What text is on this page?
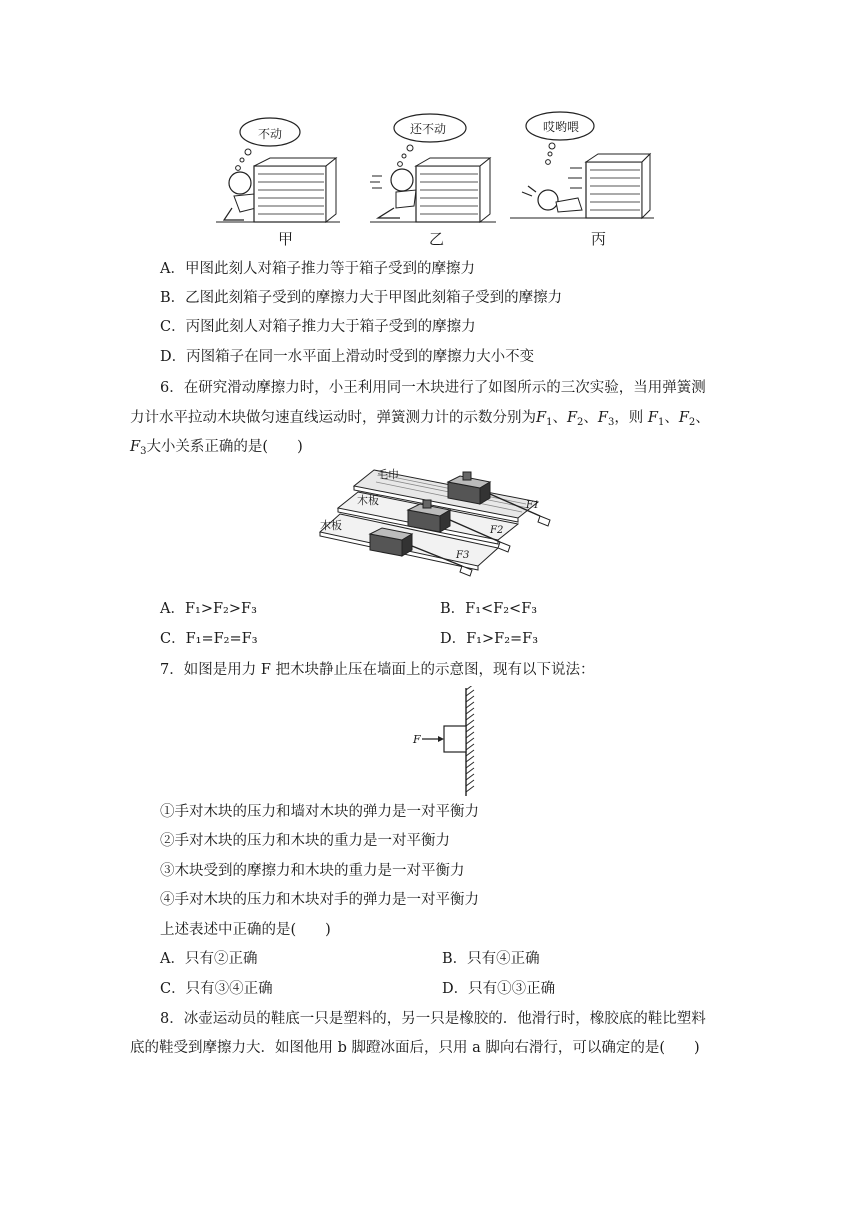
不动	还不动	哎哟喂
甲	乙	丙
A．甲图此刻人对箱子推力等于箱子受到的摩擦力
B．乙图此刻箱子受到的摩擦力大于甲图此刻箱子受到的摩擦力
C．丙图此刻人对箱子推力大于箱子受到的摩擦力
D．丙图箱子在同一水平面上滑动时受到的摩擦力大小不变
6．在研究滑动摩擦力时，小王利用同一木块进行了如图所示的三次实验，当用弹簧测
力计水平拉动木块做匀速直线运动时，弹簧测力计的示数分别为$F_1$、$F_2$、$F_3$，则 $F_1$、$F_2$、
$F_3$大小关系正确的是(　　)
毛巾
木板
木板
F1
F2
F3
A．F₁>F₂>F₃	B．F₁<F₂<F₃
C．F₁=F₂=F₃	D．F₁>F₂=F₃
7．如图是用力 F 把木块静止压在墙面上的示意图，现有以下说法：
F
①手对木块的压力和墙对木块的弹力是一对平衡力
②手对木块的压力和木块的重力是一对平衡力
③木块受到的摩擦力和木块的重力是一对平衡力
④手对木块的压力和木块对手的弹力是一对平衡力
上述表述中正确的是(　　)
A．只有②正确	B．只有④正确
C．只有③④正确	D．只有①③正确
8．冰壶运动员的鞋底一只是塑料的，另一只是橡胶的．他滑行时，橡胶底的鞋比塑料
底的鞋受到摩擦力大．如图他用 b 脚蹬冰面后，只用 a 脚向右滑行，可以确定的是(　　)
